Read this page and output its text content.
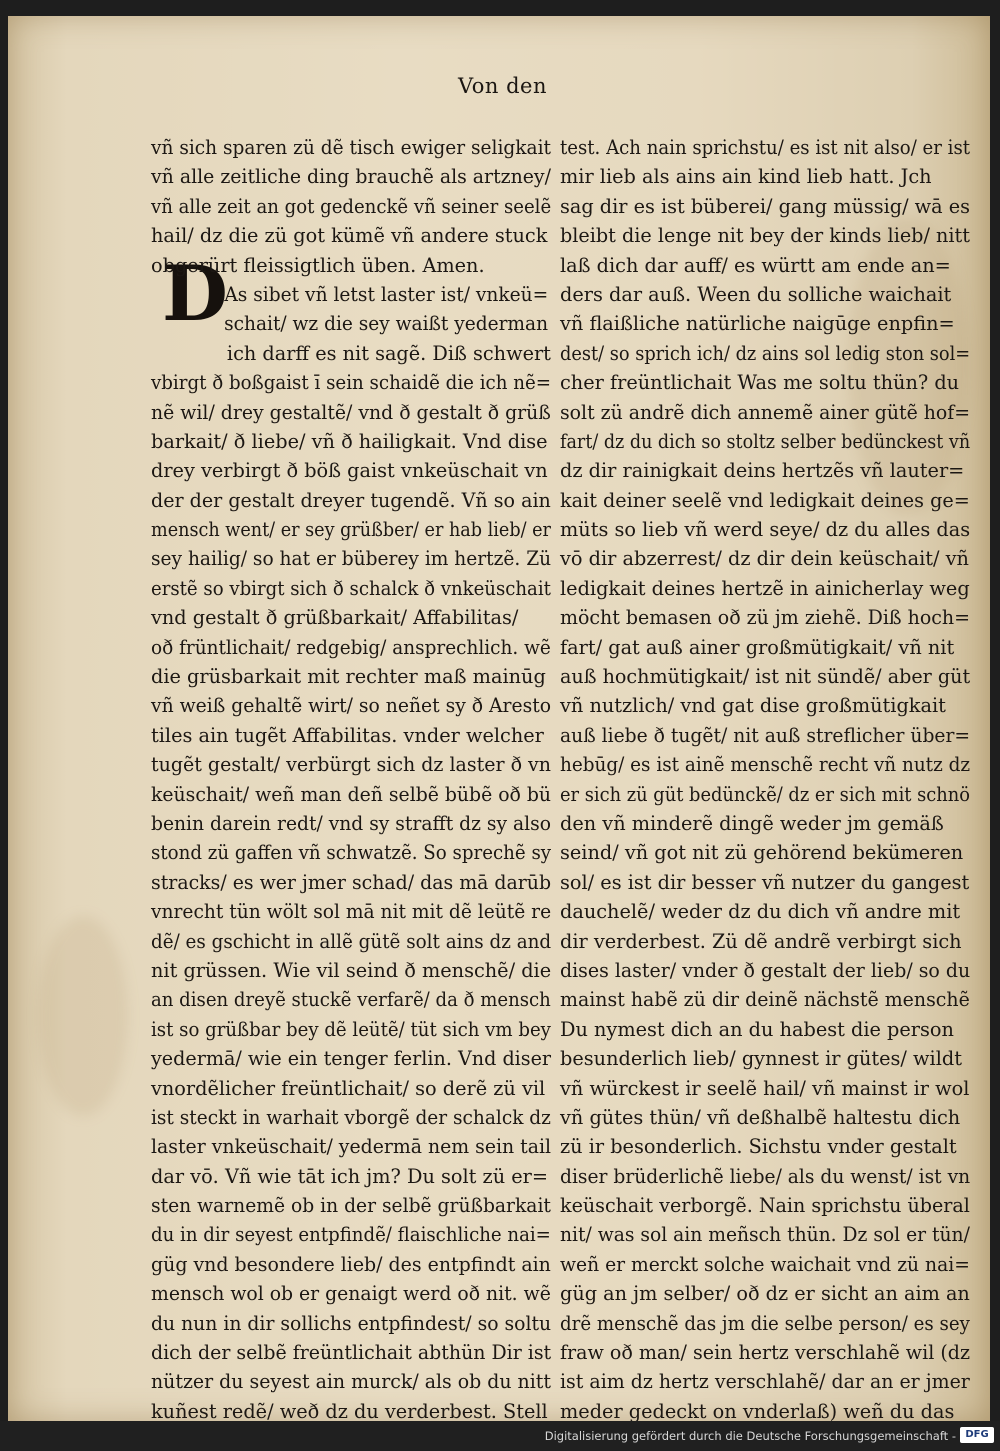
Von den
D
vñ sich sparen zü dẽ tisch ewiger seligkait
vñ alle zeitliche ding brauchẽ als artzney/
vñ alle zeit an got gedenckẽ vñ seiner seelẽ
hail/ dz die zü got kümẽ vñ andere stuck
obgerürt fleissigtlich üben. Amen.
As sibet vñ letst laster ist/ vnkeü=
schait/ wz die sey waißt yederman
ich darff es nit sagẽ. Diß schwert
vbirgt ð boßgaist ī sein schaidẽ die ich nẽ=
nẽ wil/ drey gestaltẽ/ vnd ð gestalt ð grüß
barkait/ ð liebe/ vñ ð hailigkait. Vnd dise
drey verbirgt ð böß gaist vnkeüschait vn
der der gestalt dreyer tugendẽ. Vñ so ain
mensch went/ er sey grüßber/ er hab lieb/ er
sey hailig/ so hat er büberey im hertzẽ. Zü
erstẽ so vbirgt sich ð schalck ð vnkeüschait
vnd gestalt ð grüßbarkait/ Affabilitas/
oð früntlichait/ redgebig/ ansprechlich. wẽ
die grüsbarkait mit rechter maß mainūg
vñ weiß gehaltẽ wirt/ so neñet sy ð Aresto
tiles ain tugẽt Affabilitas. vnder welcher
tugẽt gestalt/ verbürgt sich dz laster ð vn
keüschait/ weñ man deñ selbẽ bübẽ oð bü
benin darein redt/ vnd sy strafft dz sy also
stond zü gaffen vñ schwatzẽ. So sprechẽ sy
stracks/ es wer jmer schad/ das mā darūb
vnrecht tün wölt sol mā nit mit dẽ leütẽ re
dẽ/ es gschicht in allẽ gütẽ solt ains dz and
nit grüssen. Wie vil seind ð menschẽ/ die
an disen dreyẽ stuckẽ verfarẽ/ da ð mensch
ist so grüßbar bey dẽ leütẽ/ tüt sich vm bey
yedermā/ wie ein tenger ferlin. Vnd diser
vnordẽlicher freüntlichait/ so derẽ zü vil
ist steckt in warhait vborgẽ der schalck dz
laster vnkeüschait/ yedermā nem sein tail
dar vō. Vñ wie tāt ich jm? Du solt zü er=
sten warnemẽ ob in der selbẽ grüßbarkait
du in dir seyest entpfindẽ/ flaischliche nai=
güg vnd besondere lieb/ des entpfindt ain
mensch wol ob er genaigt werd oð nit. wẽ
du nun in dir sollichs entpfindest/ so soltu
dich der selbẽ freüntlichait abthün Dir ist
nützer du seyest ain murck/ als ob du nitt
kuñest redẽ/ weð dz du verderbest. Stell
test. Ach nain sprichstu/ es ist nit also/ er ist
mir lieb als ains ain kind lieb hatt. Jch
sag dir es ist büberei/ gang müssig/ wā es
bleibt die lenge nit bey der kinds lieb/ nitt
laß dich dar auff/ es württ am ende an=
ders dar auß. Ween du solliche waichait
vñ flaißliche natürliche naigūge enpfin=
dest/ so sprich ich/ dz ains sol ledig ston sol=
cher freüntlichait Was me soltu thün? du
solt zü andrẽ dich annemẽ ainer gütẽ hof=
fart/ dz du dich so stoltz selber bedünckest vñ
dz dir rainigkait deins hertzẽs vñ lauter=
kait deiner seelẽ vnd ledigkait deines ge=
müts so lieb vñ werd seye/ dz du alles das
vō dir abzerrest/ dz dir dein keüschait/ vñ
ledigkait deines hertzẽ in ainicherlay weg
möcht bemasen oð zü jm ziehẽ. Diß hoch=
fart/ gat auß ainer großmütigkait/ vñ nit
auß hochmütigkait/ ist nit sündẽ/ aber güt
vñ nutzlich/ vnd gat dise großmütigkait
auß liebe ð tugẽt/ nit auß streflicher über=
hebūg/ es ist ainẽ menschẽ recht vñ nutz dz
er sich zü güt bedünckẽ/ dz er sich mit schnö
den vñ minderẽ dingẽ weder jm gemäß
seind/ vñ got nit zü gehörend bekümeren
sol/ es ist dir besser vñ nutzer du gangest
dauchelẽ/ weder dz du dich vñ andre mit
dir verderbest. Zü dẽ andrẽ verbirgt sich
dises laster/ vnder ð gestalt der lieb/ so du
mainst habẽ zü dir deinẽ nächstẽ menschẽ
Du nymest dich an du habest die person
besunderlich lieb/ gynnest ir gütes/ wildt
vñ würckest ir seelẽ hail/ vñ mainst ir wol
vñ gütes thün/ vñ deßhalbẽ haltestu dich
zü ir besonderlich. Sichstu vnder gestalt
diser brüderlichẽ liebe/ als du wenst/ ist vn
keüschait verborgẽ. Nain sprichstu überal
nit/ was sol ain meñsch thün. Dz sol er tün/
weñ er merckt solche waichait vnd zü nai=
güg an jm selber/ oð dz er sicht an aim an
drẽ menschẽ das jm die selbe person/ es sey
fraw oð man/ sein hertz verschlahẽ wil (dz
ist aim dz hertz verschlahẽ/ dar an er jmer
meder gedeckt on vnderlaß) weñ du das
Digitalisierung gefördert durch die Deutsche Forschungsgemeinschaft - DFG
